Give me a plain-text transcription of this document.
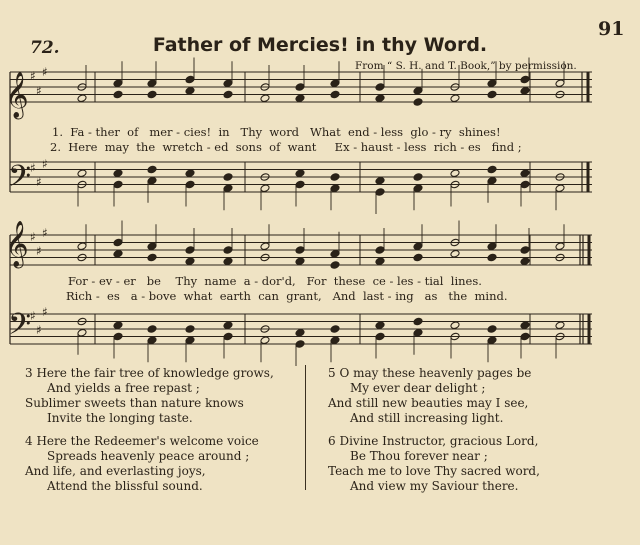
72.
91
Father of Mercies! in thy Word.
From “ S. H. and T. Book,” by permission.
𝄞
𝄢
𝄞
𝄢
♯
♯
♯
♯
♯
♯
♯
♯
♯
♯
♯
♯
1.  Fa - ther  of   mer - cies!  in   Thy  word   What  end - less  glo - ry  shines!
2.  Here  may  the  wretch - ed  sons  of  want     Ex - haust - less  rich - es   find ;
For - ev - er   be    Thy  name  a - dor'd,   For  these  ce - les - tial  lines.
Rich -  es   a - bove  what  earth  can  grant,   And  last - ing   as   the  mind.
3 Here the fair tree of knowledge grows,
And yields a free repast ;
Sublimer sweets than nature knows
Invite the longing taste.
4 Here the Redeemer's welcome voice
Spreads heavenly peace around ;
And life, and everlasting joys,
Attend the blissful sound.
5 O may these heavenly pages be
My ever dear delight ;
And still new beauties may I see,
And still increasing light.
6 Divine Instructor, gracious Lord,
Be Thou forever near ;
Teach me to love Thy sacred word,
And view my Saviour there.
